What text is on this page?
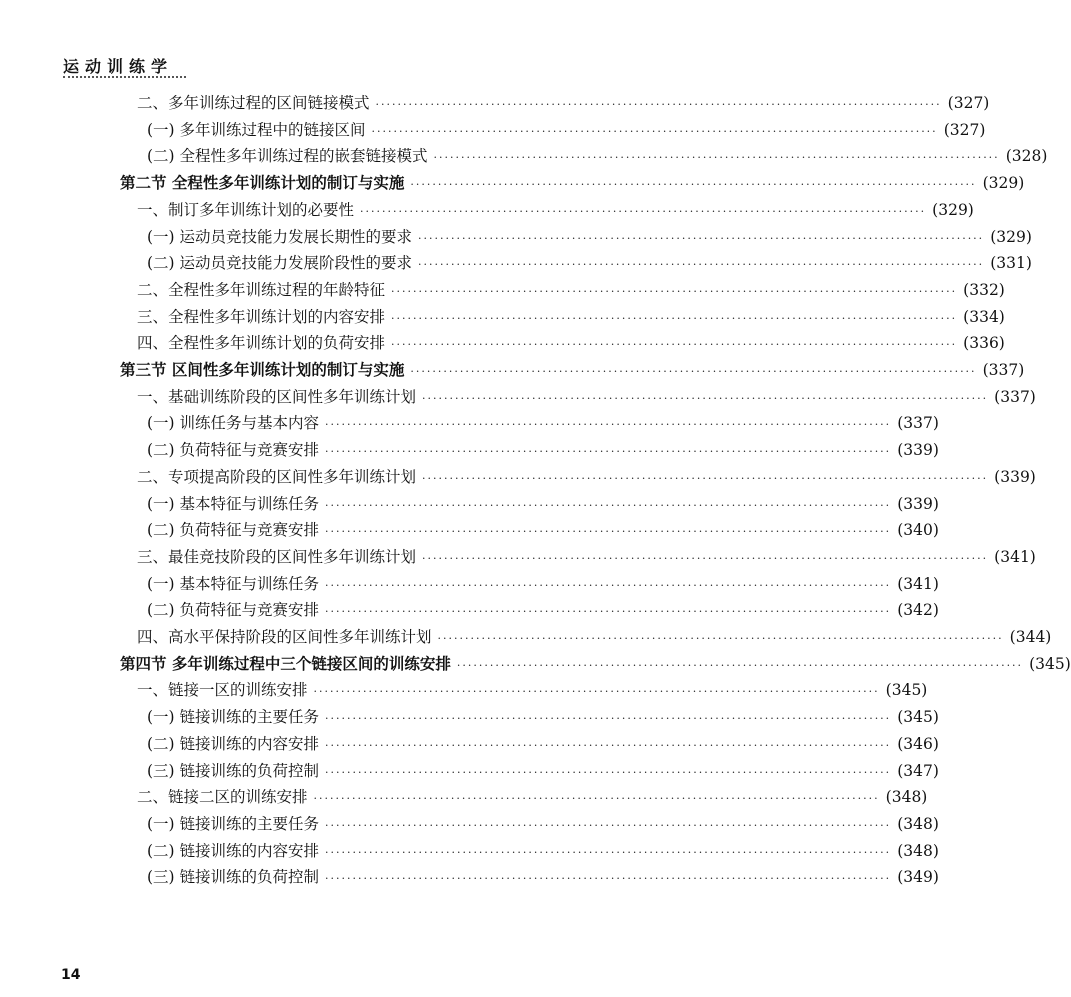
运动训练学
二、多年训练过程的区间链接模式 ······································································································· (327)
(一) 多年训练过程中的链接区间 ······································································································· (327)
(二) 全程性多年训练过程的嵌套链接模式 ······································································································· (328)
第二节 全程性多年训练计划的制订与实施 ······································································································· (329)
一、制订多年训练计划的必要性 ······································································································· (329)
(一) 运动员竞技能力发展长期性的要求 ······································································································· (329)
(二) 运动员竞技能力发展阶段性的要求 ······································································································· (331)
二、全程性多年训练过程的年龄特征 ······································································································· (332)
三、全程性多年训练计划的内容安排 ······································································································· (334)
四、全程性多年训练计划的负荷安排 ······································································································· (336)
第三节 区间性多年训练计划的制订与实施 ······································································································· (337)
一、基础训练阶段的区间性多年训练计划 ······································································································· (337)
(一) 训练任务与基本内容 ······································································································· (337)
(二) 负荷特征与竞赛安排 ······································································································· (339)
二、专项提高阶段的区间性多年训练计划 ······································································································· (339)
(一) 基本特征与训练任务 ······································································································· (339)
(二) 负荷特征与竞赛安排 ······································································································· (340)
三、最佳竞技阶段的区间性多年训练计划 ······································································································· (341)
(一) 基本特征与训练任务 ······································································································· (341)
(二) 负荷特征与竞赛安排 ······································································································· (342)
四、高水平保持阶段的区间性多年训练计划 ······································································································· (344)
第四节 多年训练过程中三个链接区间的训练安排 ······································································································· (345)
一、链接一区的训练安排 ······································································································· (345)
(一) 链接训练的主要任务 ······································································································· (345)
(二) 链接训练的内容安排 ······································································································· (346)
(三) 链接训练的负荷控制 ······································································································· (347)
二、链接二区的训练安排 ······································································································· (348)
(一) 链接训练的主要任务 ······································································································· (348)
(二) 链接训练的内容安排 ······································································································· (348)
(三) 链接训练的负荷控制 ······································································································· (349)
14
